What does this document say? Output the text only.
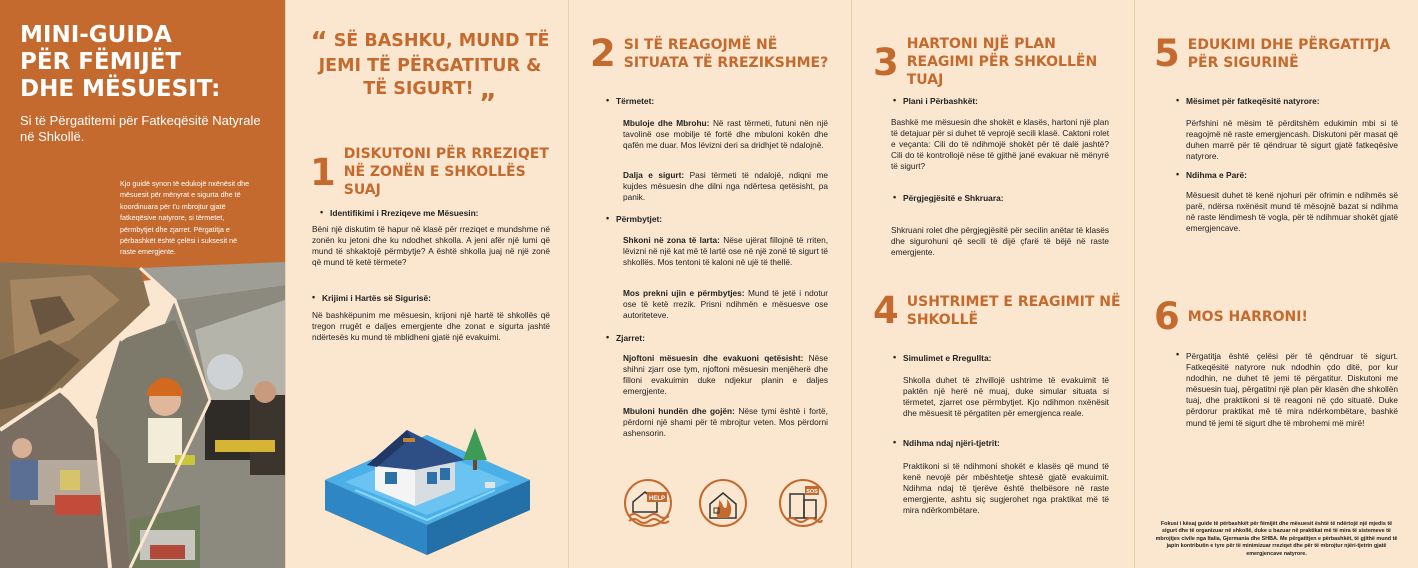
MINI-GUIDA
PËR FËMIJËT
DHE MËSUESIT:
Si të Përgatitemi për Fatkeqësitë Natyrale në Shkollë.
Kjo guidë synon të edukojë nxënësit dhe mësuesit për mënyrat e sigurta dhe të koordinuara për t'u mbrojtur gjatë fatkeqësive natyrore, si tërmetet, përmbytjet dhe zjarret. Përgatitja e përbashkët është çelësi i suksesit në raste emergjente.
“ SË BASHKU, MUND TË JEMI TË PËRGATITUR & TË SIGURT! „
1 DISKUTONI PËR RREZIQET NË ZONËN E SHKOLLËS SUAJ
• Identifikimi i Rreziqeve me Mësuesin:
Bëni një diskutim të hapur në klasë për rreziqet e mundshme në zonën ku jetoni dhe ku ndodhet shkolla. A jeni afër një lumi që mund të shkaktojë përmbytje? A është shkolla juaj në një zonë që mund të ketë tërmete?
• Krijimi i Hartës së Sigurisë:
Në bashkëpunim me mësuesin, krijoni një hartë të shkollës që tregon rrugët e daljes emergjente dhe zonat e sigurta jashtë ndërtesës ku mund të mblidheni gjatë një evakuimi.
2 SI TË REAGOJMË NË SITUATA TË RREZIKSHME?
• Tërmetet:
Mbuloje dhe Mbrohu: Në rast tërmeti, futuni nën një tavolinë ose mobilje të fortë dhe mbuloni kokën dhe qafën me duar. Mos lëvizni deri sa dridhjet të ndalojnë.
Dalja e sigurt: Pasi tërmeti të ndalojë, ndiqni me kujdes mësuesin dhe dilni nga ndërtesa qetësisht, pa panik.
• Përmbytjet:
Shkoni në zona të larta: Nëse ujërat fillojnë të rriten, lëvizni në një kat më të lartë ose në një zonë të sigurt të shkollës. Mos tentoni të kaloni në ujë të thellë.
Mos prekni ujin e përmbytjes: Mund të jetë i ndotur ose të ketë rrezik. Prisni ndihmën e mësuesve ose autoriteteve.
• Zjarret:
Njoftoni mësuesin dhe evakuoni qetësisht: Nëse shihni zjarr ose tym, njoftoni mësuesin menjëherë dhe filloni evakuimin duke ndjekur planin e daljes emergjente.
Mbuloni hundën dhe gojën: Nëse tymi është i fortë, përdorni një shami për të mbrojtur veten. Mos përdorni ashensorin.
HELP
SOS
3 HARTONI NJË PLAN REAGIMI PËR SHKOLLËN TUAJ
• Plani i Përbashkët:
Bashkë me mësuesin dhe shokët e klasës, hartoni një plan të detajuar për si duhet të veprojë secili klasë. Caktoni rolet e veçanta: Cili do të ndihmojë shokët për të dalë jashtë? Cili do të kontrollojë nëse të gjithë janë evakuar në mënyrë të sigurt?
• Përgjegjësitë e Shkruara:
Shkruani rolet dhe përgjegjësitë për secilin anëtar të klasës dhe sigurohuni që secili të dijë çfarë të bëjë në raste emergjente.
4 USHTRIMET E REAGIMIT NË SHKOLLË
• Simulimet e Rregullta:
Shkolla duhet të zhvillojë ushtrime të evakuimit të paktën një herë në muaj, duke simular situata si tërmetet, zjarret ose përmbytjet. Kjo ndihmon nxënësit dhe mësuesit të përgatiten për emergjenca reale.
• Ndihma ndaj njëri-tjetrit:
Praktikoni si të ndihmoni shokët e klasës që mund të kenë nevojë për mbështetje shtesë gjatë evakuimit. Ndihma ndaj të tjerëve është thelbësore në raste emergjente, ashtu siç sugjerohet nga praktikat më të mira ndërkombëtare.
5 EDUKIMI DHE PËRGATITJA PËR SIGURINË
• Mësimet për fatkeqësitë natyrore:
Përfshini në mësim të përditshëm edukimin mbi si të reagojmë në raste emergjencash. Diskutoni për masat që duhen marrë për të qëndruar të sigurt gjatë fatkeqësive natyrore.
• Ndihma e Parë:
Mësuesit duhet të kenë njohuri për ofrimin e ndihmës së parë, ndërsa nxënësit mund të mësojnë bazat si ndihma në raste lëndimesh të vogla, për të ndihmuar shokët gjatë emergjencave.
6 MOS HARRONI!
•
Përgatitja është çelësi për të qëndruar të sigurt. Fatkeqësitë natyrore nuk ndodhin çdo ditë, por kur ndodhin, ne duhet të jemi të përgatitur. Diskutoni me mësuesin tuaj, përgatitni një plan për klasën dhe shkollën tuaj, dhe praktikoni si të reagoni në çdo situatë. Duke përdorur praktikat më të mira ndërkombëtare, bashkë mund të jemi të sigurt dhe të mbrohemi më mirë!
Fokusi i kësaj guide të përbashkët për fëmijët dhe mësuesit është të ndërtojë një mjedis të sigurt dhe të organizuar në shkollë, duke u bazuar në praktikat më të mira të sistemeve të mbrojtjes civile nga Italia, Gjermania dhe SHBA. Me përgatitjen e përbashkët, të gjithë mund të japin kontributin e tyre për të minimizuar rreziqet dhe për të mbrojtur njëri-tjetrin gjatë emergjencave natyrore.
